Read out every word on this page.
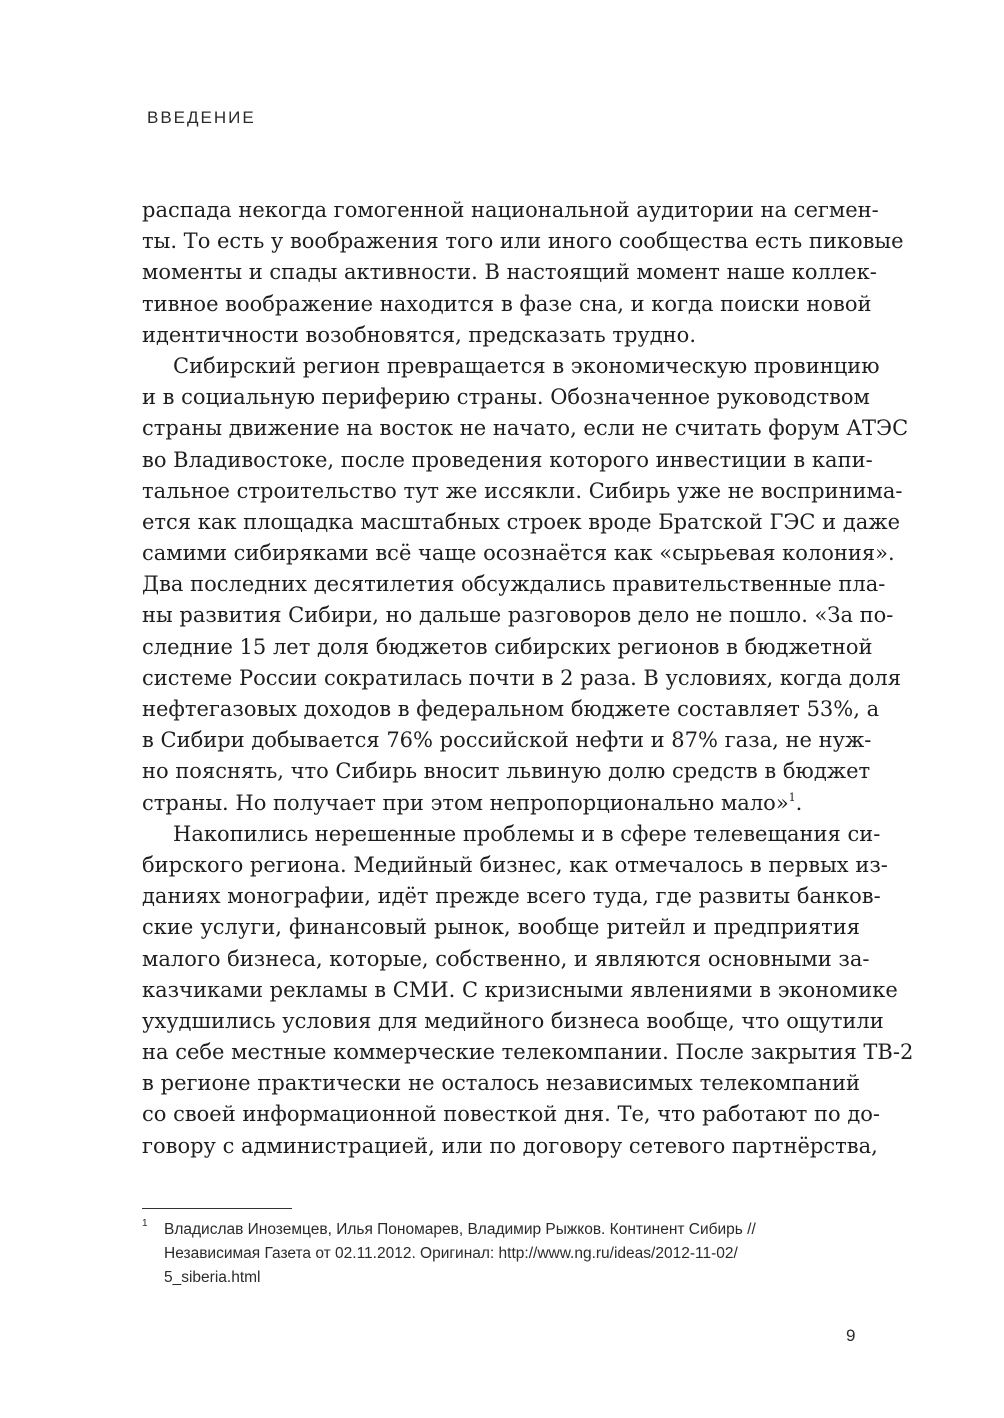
ВВЕДЕНИЕ
распада некогда гомогенной национальной аудитории на сегмен-
ты. То есть у воображения того или иного сообщества есть пиковые
моменты и спады активности. В настоящий момент наше коллек-
тивное воображение находится в фазе сна, и когда поиски новой
идентичности возобновятся, предсказать трудно.
Сибирский регион превращается в экономическую провинцию
и в социальную периферию страны. Обозначенное руководством
страны движение на восток не начато, если не считать форум АТЭС
во Владивостоке, после проведения которого инвестиции в капи-
тальное строительство тут же иссякли. Сибирь уже не воспринима-
ется как площадка масштабных строек вроде Братской ГЭС и даже
самими сибиряками всё чаще осознаётся как «сырьевая колония».
Два последних десятилетия обсуждались правительственные пла-
ны развития Сибири, но дальше разговоров дело не пошло. «За по-
следние 15 лет доля бюджетов сибирских регионов в бюджетной
системе России сократилась почти в 2 раза. В условиях, когда доля
нефтегазовых доходов в федеральном бюджете составляет 53%, а
в Сибири добывается 76% российской нефти и 87% газа, не нуж-
но пояснять, что Сибирь вносит львиную долю средств в бюджет
страны. Но получает при этом непропорционально мало»$^1$.
Накопились нерешенные проблемы и в сфере телевещания си-
бирского региона. Медийный бизнес, как отмечалось в первых из-
даниях монографии, идёт прежде всего туда, где развиты банков-
ские услуги, финансовый рынок, вообще ритейл и предприятия
малого бизнеса, которые, собственно, и являются основными за-
казчиками рекламы в СМИ. С кризисными явлениями в экономике
ухудшились условия для медийного бизнеса вообще, что ощутили
на себе местные коммерческие телекомпании. После закрытия ТВ-2
в регионе практически не осталось независимых телекомпаний
со своей информационной повесткой дня. Те, что работают по до-
говору с администрацией, или по договору сетевого партнёрства,
1 Владислав Иноземцев, Илья Пономарев, Владимир Рыжков. Континент Сибирь //
Независимая Газета от 02.11.2012. Оригинал: http://www.ng.ru/ideas/2012-11-02/
5_siberia.html
9
